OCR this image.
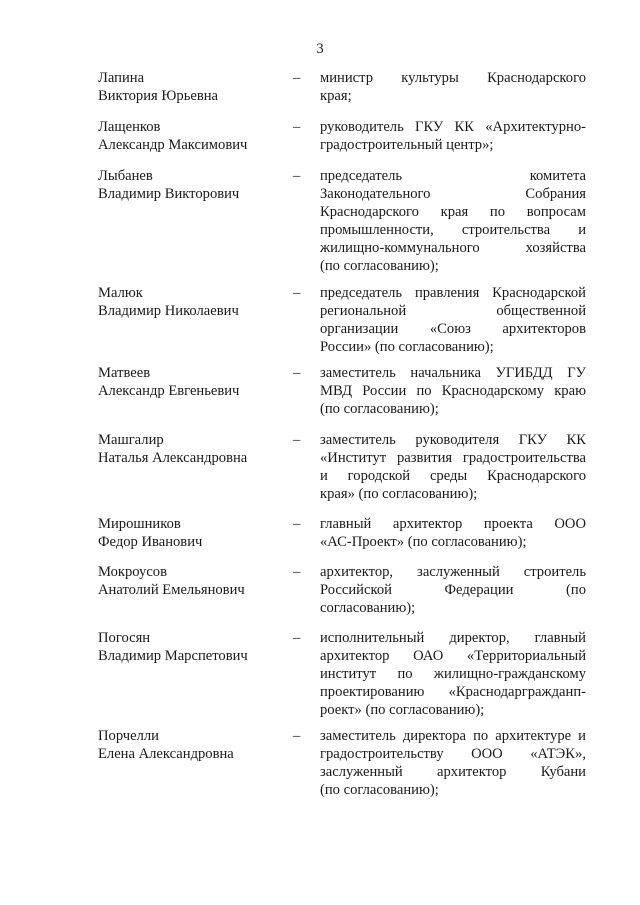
3
Лапина
Виктория Юрьевна
– министр культуры Краснодарского
края;
Лащенков
Александр Максимович
– руководитель ГКУ КК «Архитектурно-
градостроительный центр»;
Лыбанев
Владимир Викторович
– председатель комитета
Законодательного Собрания
Краснодарского края по вопросам
промышленности, строительства и
жилищно-коммунального хозяйства
(по согласованию);
Малюк
Владимир Николаевич
– председатель правления Краснодарской
региональной общественной
организации «Союз архитекторов
России» (по согласованию);
Матвеев
Александр Евгеньевич
– заместитель начальника УГИБДД ГУ
МВД России по Краснодарскому краю
(по согласованию);
Машгалир
Наталья Александровна
– заместитель руководителя ГКУ КК
«Институт развития градостроительства
и городской среды Краснодарского
края» (по согласованию);
Мирошников
Федор Иванович
– главный архитектор проекта ООО
«АС-Проект» (по согласованию);
Мокроусов
Анатолий Емельянович
– архитектор, заслуженный строитель
Российской Федерации (по
согласованию);
Погосян
Владимир Марспетович
– исполнительный директор, главный
архитектор ОАО «Территориальный
институт по жилищно-гражданскому
проектированию «Краснодаргражданп-
роект» (по согласованию);
Порчелли
Елена Александровна
– заместитель директора по архитектуре и
градостроительству ООО «АТЭК»,
заслуженный архитектор Кубани
(по согласованию);
